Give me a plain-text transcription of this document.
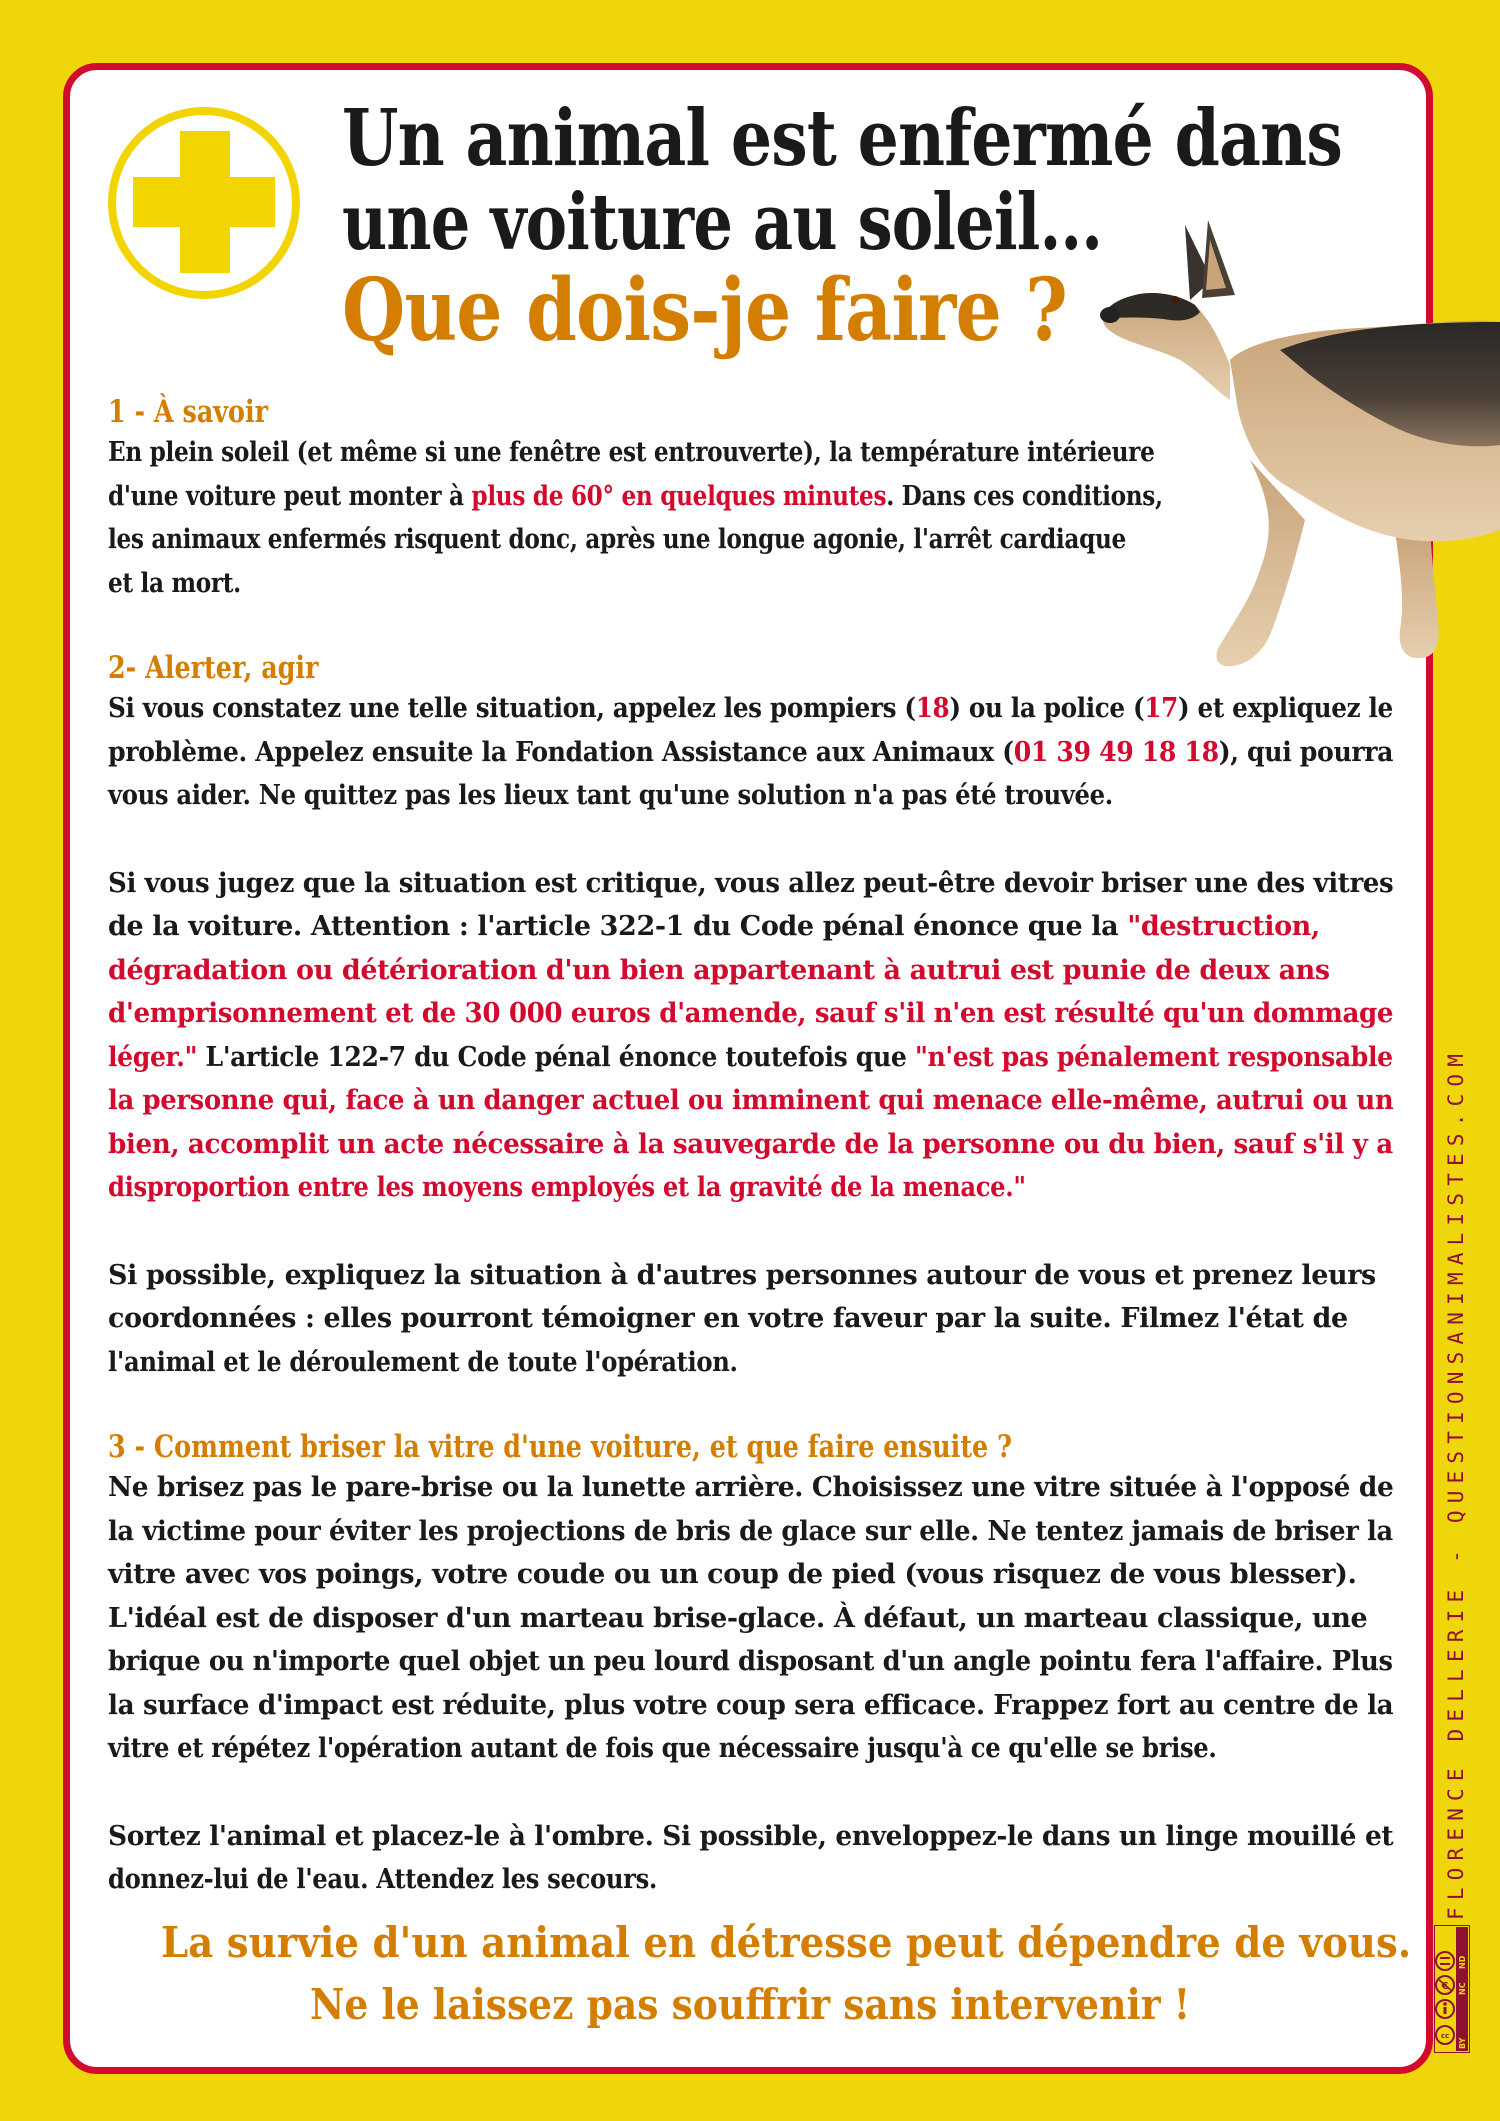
Un animal est enfermé dans
une voiture au soleil...
Que dois-je faire ?
1 - À savoir
En plein soleil (et même si une fenêtre est entrouverte), la température intérieure
d'une voiture peut monter à plus de 60° en quelques minutes. Dans ces conditions,
les animaux enfermés risquent donc, après une longue agonie, l'arrêt cardiaque
et la mort.
2- Alerter, agir
Si vous constatez une telle situation, appelez les pompiers (18) ou la police (17) et expliquez le
problème. Appelez ensuite la Fondation Assistance aux Animaux (01 39 49 18 18), qui pourra
vous aider. Ne quittez pas les lieux tant qu'une solution n'a pas été trouvée.
Si vous jugez que la situation est critique, vous allez peut-être devoir briser une des vitres
de la voiture. Attention : l'article 322-1 du Code pénal énonce que la "destruction,
dégradation ou détérioration d'un bien appartenant à autrui est punie de deux ans
d'emprisonnement et de 30 000 euros d'amende, sauf s'il n'en est résulté qu'un dommage
léger." L'article 122-7 du Code pénal énonce toutefois que "n'est pas pénalement responsable
la personne qui, face à un danger actuel ou imminent qui menace elle-même, autrui ou un
bien, accomplit un acte nécessaire à la sauvegarde de la personne ou du bien, sauf s'il y a
disproportion entre les moyens employés et la gravité de la menace."
Si possible, expliquez la situation à d'autres personnes autour de vous et prenez leurs
coordonnées : elles pourront témoigner en votre faveur par la suite. Filmez l'état de
l'animal et le déroulement de toute l'opération.
3 - Comment briser la vitre d'une voiture, et que faire ensuite ?
Ne brisez pas le pare-brise ou la lunette arrière. Choisissez une vitre située à l'opposé de
la victime pour éviter les projections de bris de glace sur elle. Ne tentez jamais de briser la
vitre avec vos poings, votre coude ou un coup de pied (vous risquez de vous blesser).
L'idéal est de disposer d'un marteau brise-glace. À défaut, un marteau classique, une
brique ou n'importe quel objet un peu lourd disposant d'un angle pointu fera l'affaire. Plus
la surface d'impact est réduite, plus votre coup sera efficace. Frappez fort au centre de la
vitre et répétez l'opération autant de fois que nécessaire jusqu'à ce qu'elle se brise.
Sortez l'animal et placez-le à l'ombre. Si possible, enveloppez-le dans un linge mouillé et
donnez-lui de l'eau. Attendez les secours.
La survie d'un animal en détresse peut dépendre de vous.
Ne le laissez pas souffrir sans intervenir !
FLORENCE DELLERIE - QUESTIONSANIMALISTES.COM
cc
€
BY
NC
ND
